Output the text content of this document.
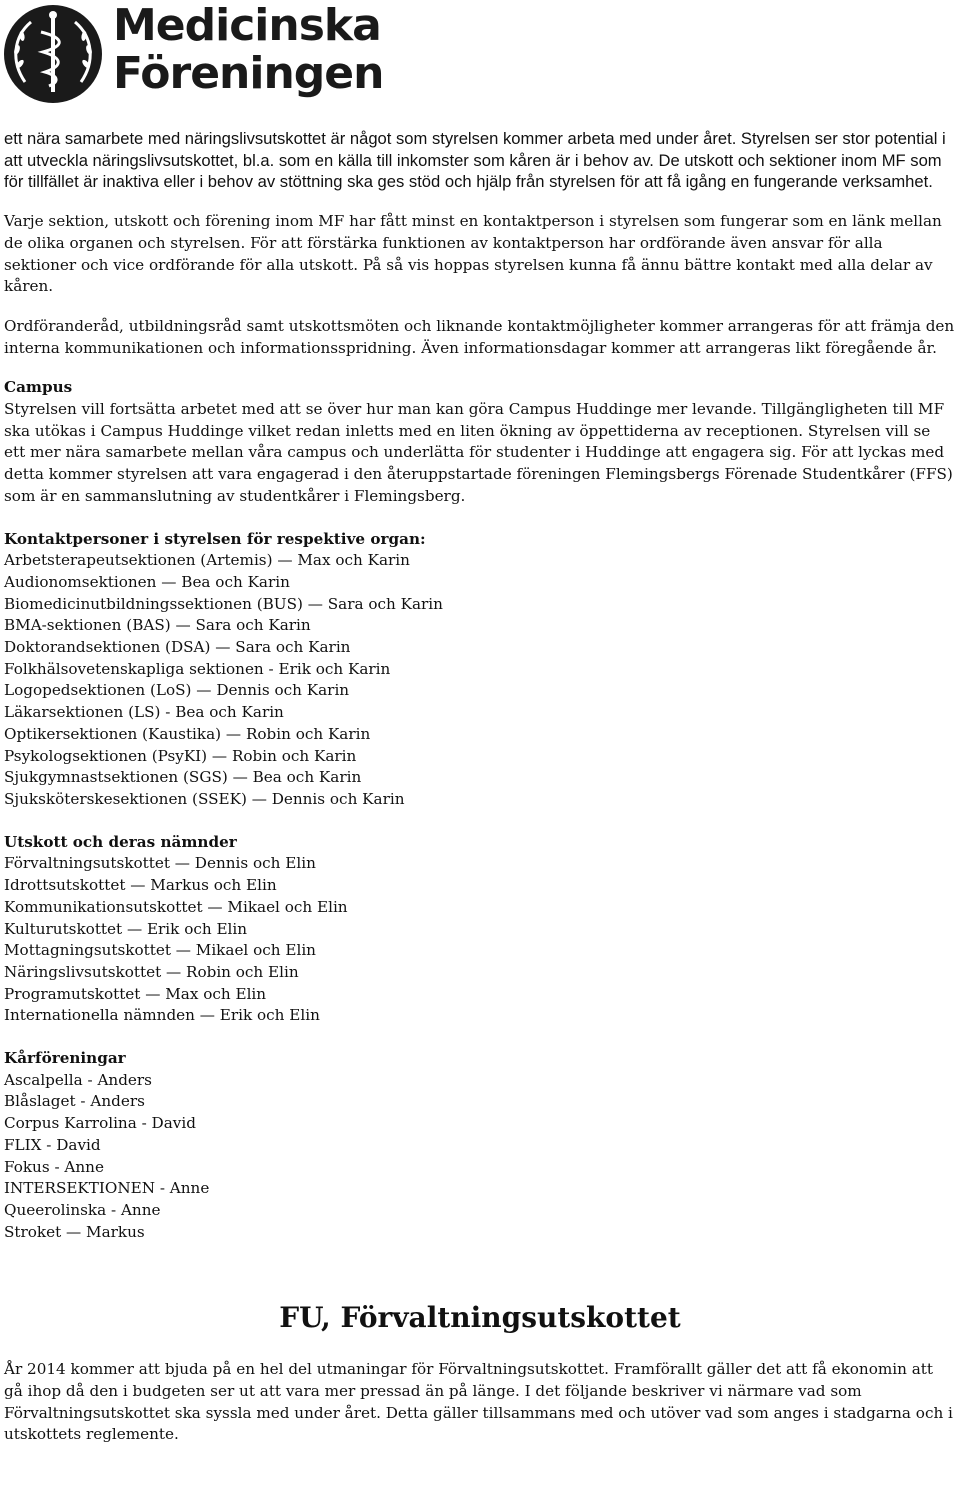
Medicinska
Föreningen

ett nära samarbete med näringslivsutskottet är något som styrelsen kommer arbeta med under året. Styrelsen ser stor potential i att utveckla näringslivsutskottet, bl.a. som en källa till inkomster som kåren är i behov av. De utskott och sektioner inom MF som för tillfället är inaktiva eller i behov av stöttning ska ges stöd och hjälp från styrelsen för att få igång en fungerande verksamhet.

Varje sektion, utskott och förening inom MF har fått minst en kontaktperson i styrelsen som fungerar som en länk mellan de olika organen och styrelsen. För att förstärka funktionen av kontaktperson har ordförande även ansvar för alla sektioner och vice ordförande för alla utskott. På så vis hoppas styrelsen kunna få ännu bättre kontakt med alla delar av kåren.

Ordföranderåd, utbildningsråd samt utskottsmöten och liknande kontaktmöjligheter kommer arrangeras för att främja den interna kommunikationen och informationsspridning. Även informationsdagar kommer att arrangeras likt föregående år.

Campus
Styrelsen vill fortsätta arbetet med att se över hur man kan göra Campus Huddinge mer levande. Tillgängligheten till MF ska utökas i Campus Huddinge vilket redan inletts med en liten ökning av öppettiderna av receptionen. Styrelsen vill se ett mer nära samarbete mellan våra campus och underlätta för studenter i Huddinge att engagera sig. För att lyckas med detta kommer styrelsen att vara engagerad i den återuppstartade föreningen Flemingsbergs Förenade Studentkårer (FFS) som är en sammanslutning av studentkårer i Flemingsberg.
Kontaktpersoner i styrelsen för respektive organ:
Arbetsterapeutsektionen (Artemis) — Max och Karin
Audionomsektionen — Bea och Karin
Biomedicinutbildningssektionen (BUS) — Sara och Karin
BMA-sektionen (BAS) — Sara och Karin
Doktorandsektionen (DSA) — Sara och Karin
Folkhälsovetenskapliga sektionen - Erik och Karin
Logopedsektionen (LoS) — Dennis och Karin
Läkarsektionen (LS) - Bea och Karin
Optikersektionen (Kaustika) — Robin och Karin
Psykologsektionen (PsyKI) — Robin och Karin
Sjukgymnastsektionen (SGS) — Bea och Karin
Sjuksköterskesektionen (SSEK) — Dennis och Karin
Utskott och deras nämnder
Förvaltningsutskottet — Dennis och Elin
Idrottsutskottet — Markus och Elin
Kommunikationsutskottet — Mikael och Elin
Kulturutskottet — Erik och Elin
Mottagningsutskottet — Mikael och Elin
Näringslivsutskottet — Robin och Elin
Programutskottet — Max och Elin
Internationella nämnden — Erik och Elin
Kårföreningar
Ascalpella - Anders
Blåslaget - Anders
Corpus Karrolina - David
FLIX - David
Fokus - Anne
INTERSEKTIONEN - Anne
Queerolinska - Anne
Stroket — Markus
FU, Förvaltningsutskottet

År 2014 kommer att bjuda på en hel del utmaningar för Förvaltningsutskottet. Framförallt gäller det att få ekonomin att gå ihop då den i budgeten ser ut att vara mer pressad än på länge. I det följande beskriver vi närmare vad som Förvaltningsutskottet ska syssla med under året. Detta gäller tillsammans med och utöver vad som anges i stadgarna och i utskottets reglemente.
